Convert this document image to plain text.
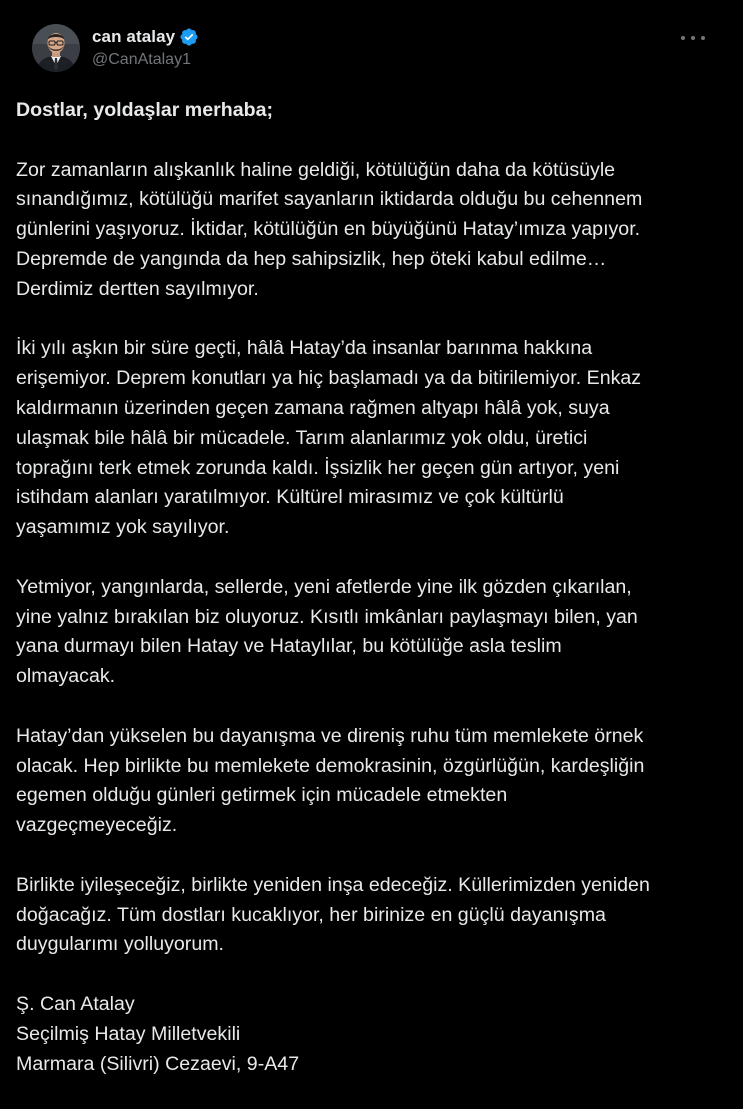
can atalay
@CanAtalay1

Dostlar, yoldaşlar merhaba;

Zor zamanların alışkanlık haline geldiği, kötülüğün daha da kötüsüyle
sınandığımız, kötülüğü marifet sayanların iktidarda olduğu bu cehennem
günlerini yaşıyoruz. İktidar, kötülüğün en büyüğünü Hatay’ımıza yapıyor.
Depremde de yangında da hep sahipsizlik, hep öteki kabul edilme…
Derdimiz dertten sayılmıyor.

İki yılı aşkın bir süre geçti, hâlâ Hatay’da insanlar barınma hakkına
erişemiyor. Deprem konutları ya hiç başlamadı ya da bitirilemiyor. Enkaz
kaldırmanın üzerinden geçen zamana rağmen altyapı hâlâ yok, suya
ulaşmak bile hâlâ bir mücadele. Tarım alanlarımız yok oldu, üretici
toprağını terk etmek zorunda kaldı. İşsizlik her geçen gün artıyor, yeni
istihdam alanları yaratılmıyor. Kültürel mirasımız ve çok kültürlü
yaşamımız yok sayılıyor.

Yetmiyor, yangınlarda, sellerde, yeni afetlerde yine ilk gözden çıkarılan,
yine yalnız bırakılan biz oluyoruz. Kısıtlı imkânları paylaşmayı bilen, yan
yana durmayı bilen Hatay ve Hataylılar, bu kötülüğe asla teslim
olmayacak.

Hatay’dan yükselen bu dayanışma ve direniş ruhu tüm memlekete örnek
olacak. Hep birlikte bu memlekete demokrasinin, özgürlüğün, kardeşliğin
egemen olduğu günleri getirmek için mücadele etmekten
vazgeçmeyeceğiz.

Birlikte iyileşeceğiz, birlikte yeniden inşa edeceğiz. Küllerimizden yeniden
doğacağız. Tüm dostları kucaklıyor, her birinize en güçlü dayanışma
duygularımı yolluyorum.

Ş. Can Atalay
Seçilmiş Hatay Milletvekili
Marmara (Silivri) Cezaevi, 9-A47
